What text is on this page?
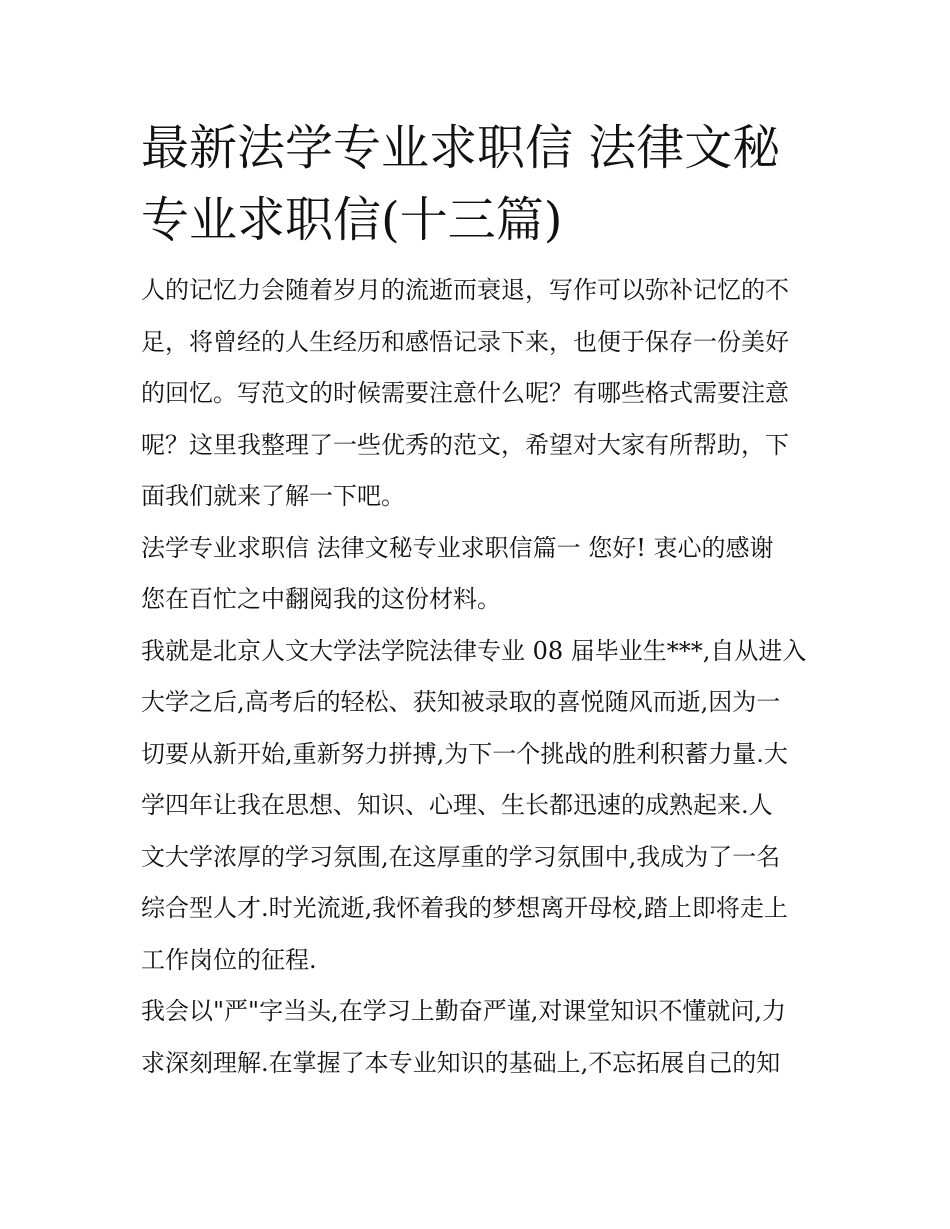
最新法学专业求职信 法律文秘
专业求职信(十三篇)

人的记忆力会随着岁月的流逝而衰退，写作可以弥补记忆的不
足，将曾经的人生经历和感悟记录下来，也便于保存一份美好
的回忆。写范文的时候需要注意什么呢？有哪些格式需要注意
呢？这里我整理了一些优秀的范文，希望对大家有所帮助，下
面我们就来了解一下吧。

法学专业求职信 法律文秘专业求职信篇一 您好! 衷心的感谢
您在百忙之中翻阅我的这份材料。

我就是北京人文大学法学院法律专业 08 届毕业生***,自从进入
大学之后,高考后的轻松、获知被录取的喜悦随风而逝,因为一
切要从新开始,重新努力拼搏,为下一个挑战的胜利积蓄力量.大
学四年让我在思想、知识、心理、生长都迅速的成熟起来.人
文大学浓厚的学习氛围,在这厚重的学习氛围中,我成为了一名
综合型人才.时光流逝,我怀着我的梦想离开母校,踏上即将走上
工作岗位的征程.

我会以"严"字当头,在学习上勤奋严谨,对课堂知识不懂就问,力
求深刻理解.在掌握了本专业知识的基础上,不忘拓展自己的知
